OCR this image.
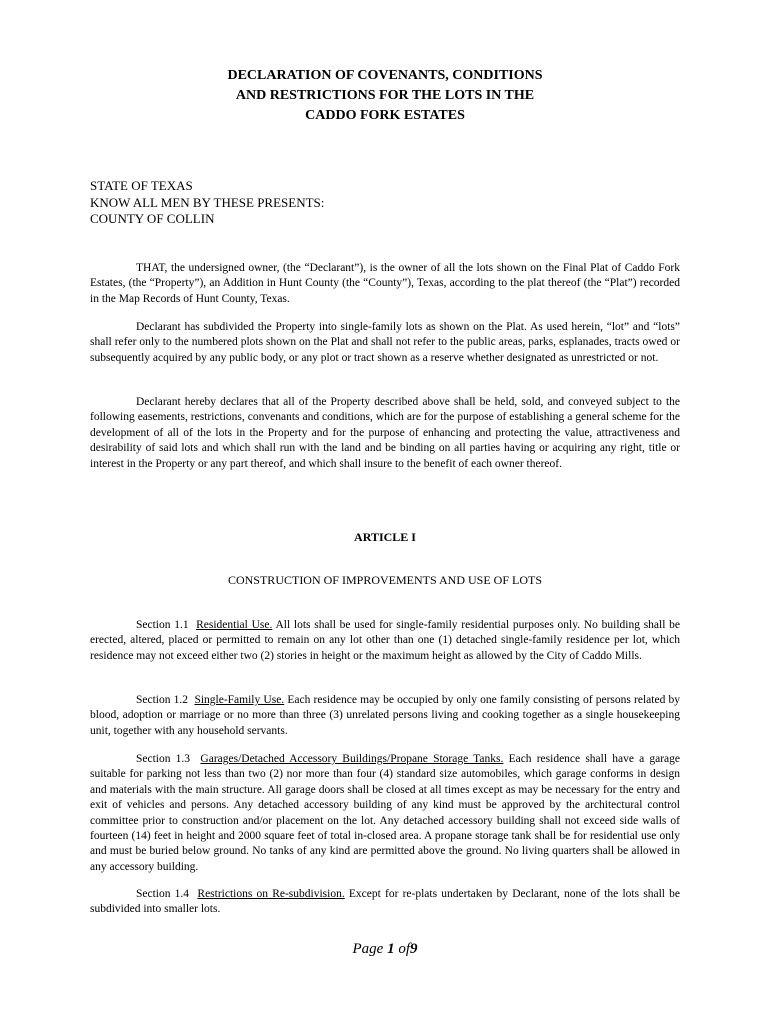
DECLARATION OF COVENANTS, CONDITIONS
AND RESTRICTIONS FOR THE LOTS IN THE
CADDO FORK ESTATES
STATE OF TEXAS
KNOW ALL MEN BY THESE PRESENTS:
COUNTY OF COLLIN

THAT, the undersigned owner, (the “Declarant”), is the owner of all the lots shown on the Final Plat of Caddo Fork Estates, (the “Property”), an Addition in Hunt County (the “County”), Texas, according to the plat thereof (the “Plat”) recorded in the Map Records of Hunt County, Texas.

Declarant has subdivided the Property into single-family lots as shown on the Plat. As used herein, “lot” and “lots” shall refer only to the numbered plots shown on the Plat and shall not refer to the public areas, parks, esplanades, tracts owed or subsequently acquired by any public body, or any plot or tract shown as a reserve whether designated as unrestricted or not.

Declarant hereby declares that all of the Property described above shall be held, sold, and conveyed subject to the following easements, restrictions, convenants and conditions, which are for the purpose of establishing a general scheme for the development of all of the lots in the Property and for the purpose of enhancing and protecting the value, attractiveness and desirability of said lots and which shall run with the land and be binding on all parties having or acquiring any right, title or interest in the Property or any part thereof, and which shall insure to the benefit of each owner thereof.

ARTICLE I
CONSTRUCTION OF IMPROVEMENTS AND USE OF LOTS

Section 1.1 Residential Use. All lots shall be used for single-family residential purposes only. No building shall be erected, altered, placed or permitted to remain on any lot other than one (1) detached single-family residence per lot, which residence may not exceed either two (2) stories in height or the maximum height as allowed by the City of Caddo Mills.

Section 1.2 Single-Family Use. Each residence may be occupied by only one family consisting of persons related by blood, adoption or marriage or no more than three (3) unrelated persons living and cooking together as a single housekeeping unit, together with any household servants.

Section 1.3 Garages/Detached Accessory Buildings/Propane Storage Tanks. Each residence shall have a garage suitable for parking not less than two (2) nor more than four (4) standard size automobiles, which garage conforms in design and materials with the main structure. All garage doors shall be closed at all times except as may be necessary for the entry and exit of vehicles and persons. Any detached accessory building of any kind must be approved by the architectural control committee prior to construction and/or placement on the lot. Any detached accessory building shall not exceed side walls of fourteen (14) feet in height and 2000 square feet of total in-closed area. A propane storage tank shall be for residential use only and must be buried below ground. No tanks of any kind are permitted above the ground. No living quarters shall be allowed in any accessory building.

Section 1.4 Restrictions on Re-subdivision. Except for re-plats undertaken by Declarant, none of the lots shall be subdivided into smaller lots.

Page 1 of9
